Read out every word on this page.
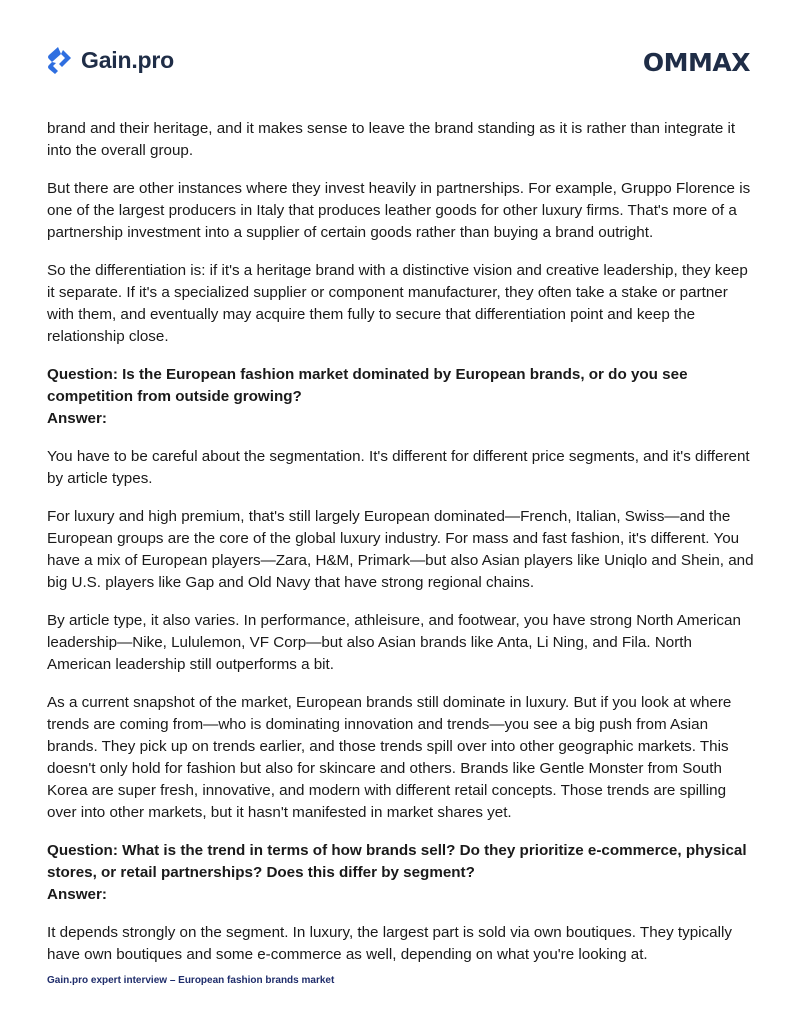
Gain.pro	OMMAX

brand and their heritage, and it makes sense to leave the brand standing as it is rather than integrate it into the overall group.

But there are other instances where they invest heavily in partnerships. For example, Gruppo Florence is one of the largest producers in Italy that produces leather goods for other luxury firms. That's more of a partnership investment into a supplier of certain goods rather than buying a brand outright.

So the differentiation is: if it's a heritage brand with a distinctive vision and creative leadership, they keep it separate. If it's a specialized supplier or component manufacturer, they often take a stake or partner with them, and eventually may acquire them fully to secure that differentiation point and keep the relationship close.

Question: Is the European fashion market dominated by European brands, or do you see competition from outside growing?

Answer:

You have to be careful about the segmentation. It's different for different price segments, and it's different by article types.

For luxury and high premium, that's still largely European dominated—French, Italian, Swiss—and the European groups are the core of the global luxury industry. For mass and fast fashion, it's different. You have a mix of European players—Zara, H&M, Primark—but also Asian players like Uniqlo and Shein, and big U.S. players like Gap and Old Navy that have strong regional chains.

By article type, it also varies. In performance, athleisure, and footwear, you have strong North American leadership—Nike, Lululemon, VF Corp—but also Asian brands like Anta, Li Ning, and Fila. North American leadership still outperforms a bit.

As a current snapshot of the market, European brands still dominate in luxury. But if you look at where trends are coming from—who is dominating innovation and trends—you see a big push from Asian brands. They pick up on trends earlier, and those trends spill over into other geographic markets. This doesn't only hold for fashion but also for skincare and others. Brands like Gentle Monster from South Korea are super fresh, innovative, and modern with different retail concepts. Those trends are spilling over into other markets, but it hasn't manifested in market shares yet.

Question: What is the trend in terms of how brands sell? Do they prioritize e-commerce, physical stores, or retail partnerships? Does this differ by segment?

Answer:

It depends strongly on the segment. In luxury, the largest part is sold via own boutiques. They typically have own boutiques and some e-commerce as well, depending on what you're looking at.

Gain.pro expert interview – European fashion brands market
